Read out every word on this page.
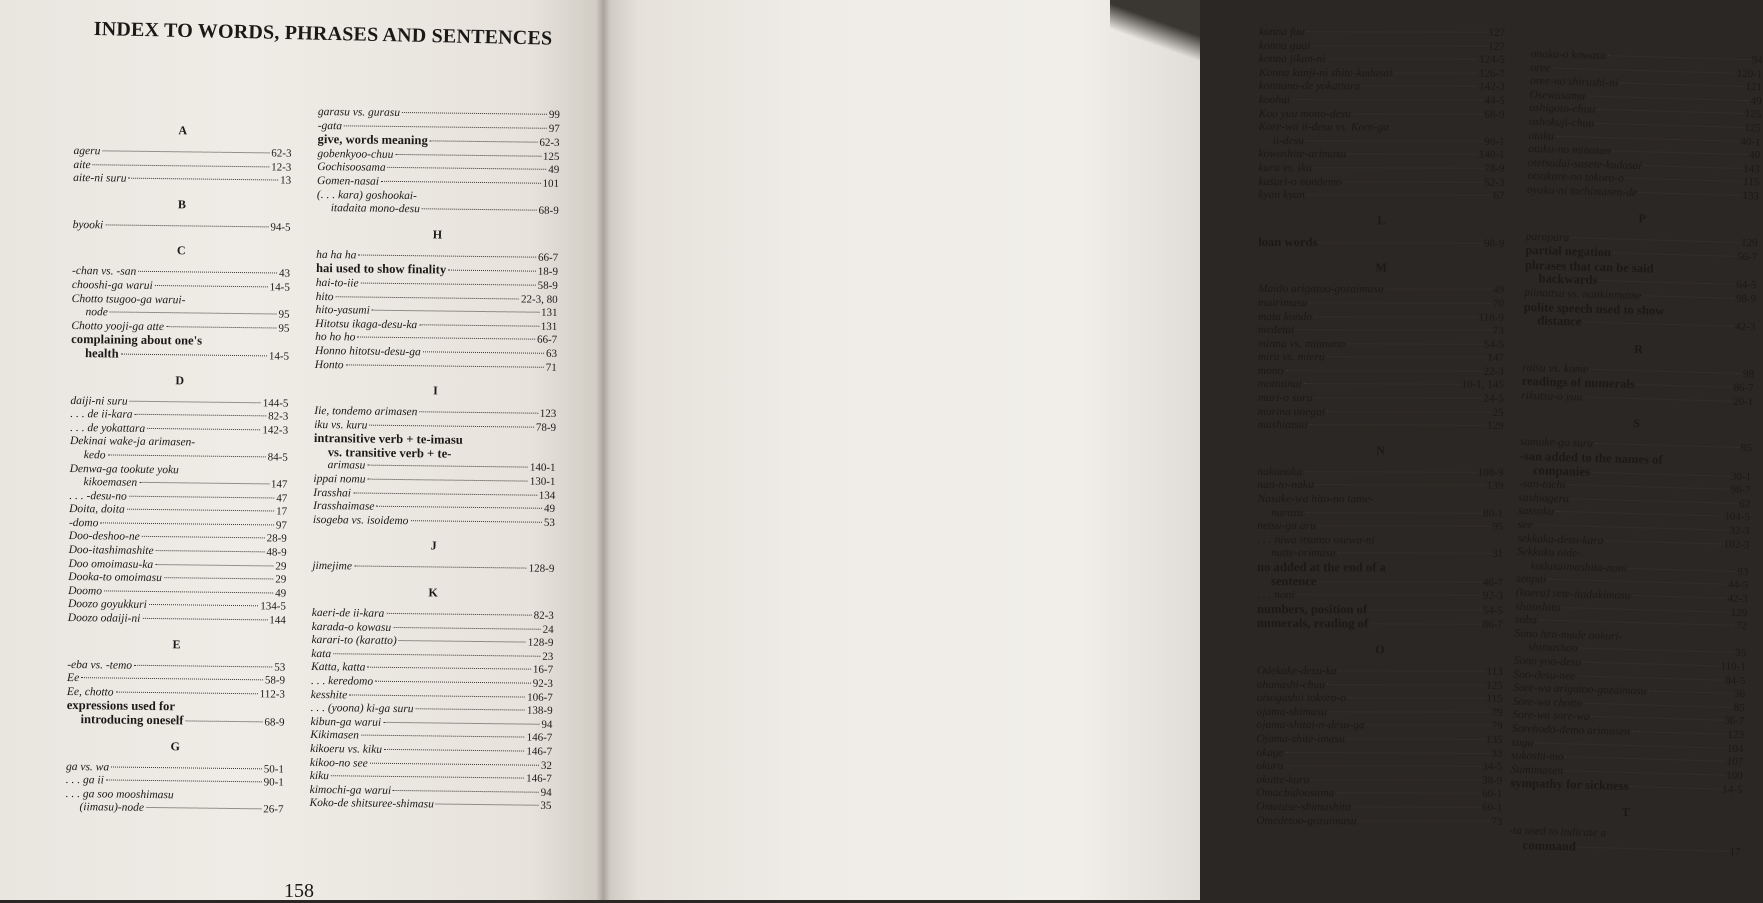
INDEX TO WORDS, PHRASES AND SENTENCES
A
ageru	62-3
aite	12-3
aite-ni suru	13
B
byooki	94-5
C
-chan vs. -san	43
chooshi-ga warui	14-5
Chotto tsugoo-ga warui-
node	95
Chotto yooji-ga atte	95
complaining about one's
health	14-5
D
daiji-ni suru	144-5
. . . de ii-kara	82-3
. . . de yokattara	142-3
Dekinai wake-ja arimasen-
kedo	84-5
Denwa-ga tookute yoku
kikoemasen	147
. . . -desu-no	47
Doita, doita	17
-domo	97
Doo-deshoo-ne	28-9
Doo-itashimashite	48-9
Doo omoimasu-ka	29
Dooka-to omoimasu	29
Doomo	49
Doozo goyukkuri	134-5
Doozo odaiji-ni	144
E
-eba vs. -temo	53
Ee	58-9
Ee, chotto	112-3
expressions used for
introducing oneself	68-9
G
ga vs. wa	50-1
. . . ga ii	90-1
. . . ga soo mooshimasu
(iimasu)-node	26-7
garasu vs. gurasu	99
-gata	97
give, words meaning	62-3
gobenkyoo-chuu	125
Gochisoosama	49
Gomen-nasai	101
(. . . kara) goshookai-
itadaita mono-desu	68-9
H
ha ha ha	66-7
hai used to show finality	18-9
hai-to-iie	58-9
hito	22-3, 80
hito-yasumi	131
Hitotsu ikaga-desu-ka	131
ho ho ho	66-7
Honno hitotsu-desu-ga	63
Honto	71
I
Iie, tondemo arimasen	123
iku vs. kuru	78-9
intransitive verb + te-imasu
vs. transitive verb + te-
arimasu	140-1
ippai nomu	130-1
Irasshai	134
Irasshaimase	49
isogeba vs. isoidemo	53
J
jimejime	128-9
K
kaeri-de ii-kara	82-3
karada-o kowasu	24
karari-to (karatto)	128-9
kata	23
Katta, katta	16-7
. . . keredomo	92-3
kesshite	106-7
. . . (yoona) ki-ga suru	138-9
kibun-ga warui	94
Kikimasen	146-7
kikoeru vs. kiku	146-7
kikoo-no see	32
kiku	146-7
kimochi-ga warui	94
Koko-de shitsuree-shimasu	35
158
konna fuu	127
konna guai	127
konna jikan-ni	124-5
Konna kanji-ni shite-kudasai	126-7
konnano-de yokattara	142-3
koohai	44-5
Koo yuu mono-desu	68-9
Kore-wa ii-desu vs. Kore-ga
ii-desu	90-1
kowashite-arimasu	140-1
kuru vs. iku	78-9
kusuri-o nondemo	52-3
kyan kyan	67
L
loan words	98-9
M
Maido arigatoo-gozaimasu	49
mairimasu	70
mata kondo	118-9
medetai	73
minna vs. minnano	54-5
miru vs. mieru	147
mono	22-3
mottainai	10-1, 145
muri-o suru	24-5
murina onegai	25
mushiatsui	129
N
nakanaka	108-9
nan-to-naku	139
Nasake-wa hito-no tame-
narazu	80-1
netsu-ga aru	95
. . . niwa itsumo osewa-ni
natte-orimasu	31
no added at the end of a
sentence	46-7
. . . noni	92-3
numbers, position of	54-5
numerals, reading of	86-7
O
Odekake-desu-ka	113
ohanashi-chuu	125
oisogashii tokoro-o	115
ojama-shimasu	79
ojama-shitai-n-desu-ga	79
Ojama-shite-imasu	135
okage	33
okuru	34-5
okutte-kuru	38-9
Omachidoosama	60-1
Omatase-shimashita	60-1
Omedetoo-gozaimasu	73
onaka-o kowasu	94
oree	120-1
oree-no shirushi-ni	121
Osewasama	49
oshigoto-chuu	125
oshokuji-chuu	125
otaku	40-1
otaku-no minasan	40
otetsudai-sasete-kudasai	143
otsukare-no tokoro-o	115
oyaku-ni tachimasen-de	133
P
parapara	129
partial negation	56-7
phrases that can be said
backwards	64-5
piinattsu vs. nankinmame	98-9
polite speech used to show
distance	42-3
R
raisu vs. kome	98
readings of numerals	86-7
rikutsu-o yuu	20-1
S
samuke-ga suru	95
-san added to the names of
companies	30-1
-san-tachi	96-7
sashiageru	62
sassoku	104-5
see	32-3
sekkaku-desu-kara	102-3
Sekkaku oide-
kudasaimashita-noni	93
senpai	44-5
(kaera) sete-itadakimasu	42-3
shitoshito	129
soba	72
Sono hen-made ookuri-
shimashoo	35
Sono yoo-desu	110-1
Soo-desu-nee	84-5
Sore-wa arigatoo-gozaimasu	36
Sore-wa chotto	85
Sore-wa sore-wa	36-7
Sorehodo-demo arimasen	123
sugu	104
sukoshi-mo	107
Sumimasen	100
sympathy for sickness	14-5
T
-ta used to indicate a
command	17
